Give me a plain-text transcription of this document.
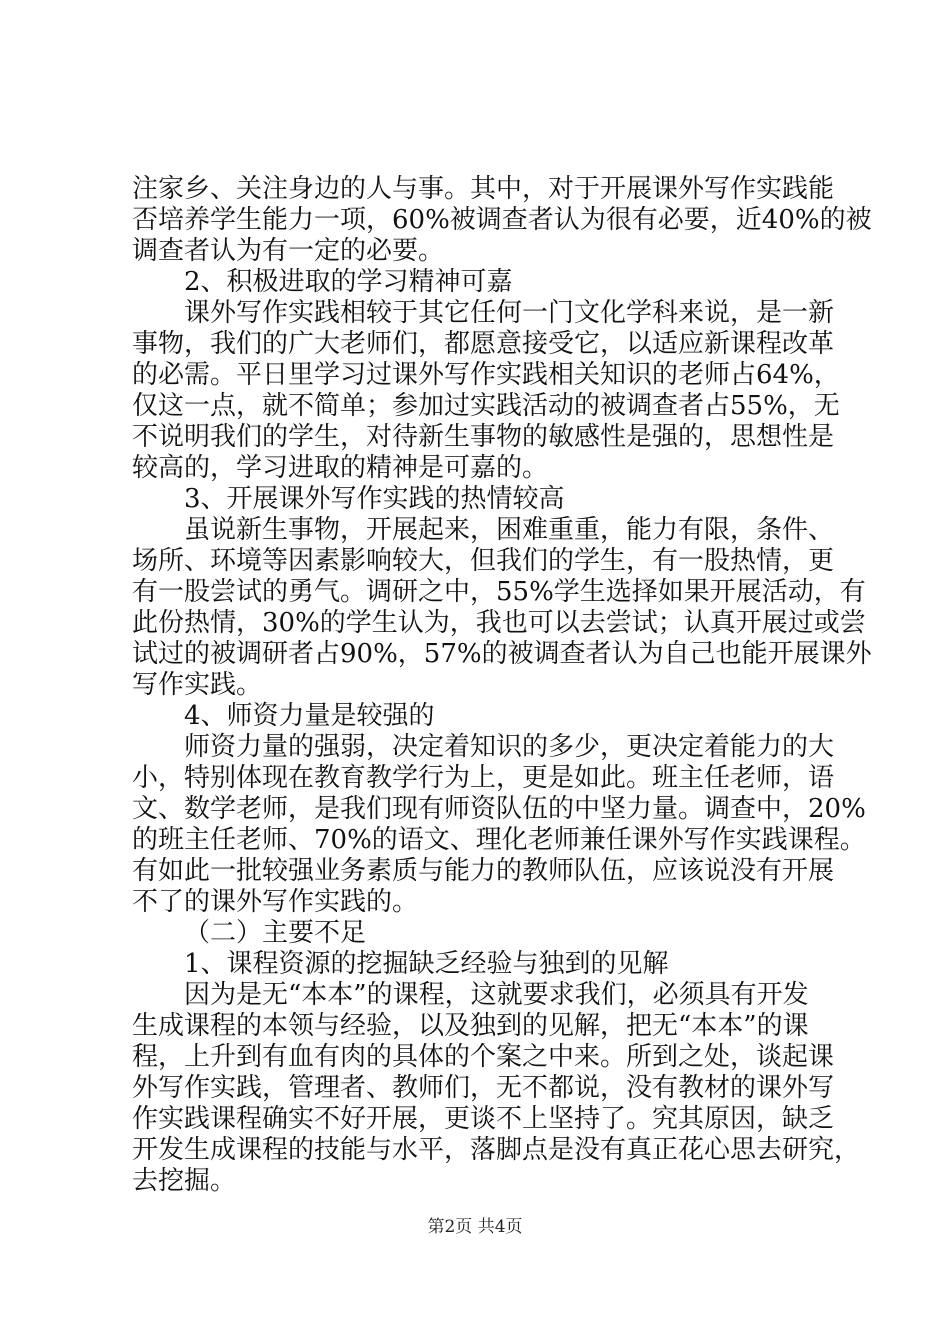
注家乡、关注身边的人与事。其中，对于开展课外写作实践能
否培养学生能力一项，60%被调查者认为很有必要，近40%的被
调查者认为有一定的必要。
2、积极进取的学习精神可嘉
课外写作实践相较于其它任何一门文化学科来说，是一新
事物，我们的广大老师们，都愿意接受它，以适应新课程改革
的必需。平日里学习过课外写作实践相关知识的老师占64%，
仅这一点，就不简单；参加过实践活动的被调查者占55%，无
不说明我们的学生，对待新生事物的敏感性是强的，思想性是
较高的，学习进取的精神是可嘉的。
3、开展课外写作实践的热情较高
虽说新生事物，开展起来，困难重重，能力有限，条件、
场所、环境等因素影响较大，但我们的学生，有一股热情，更
有一股尝试的勇气。调研之中，55%学生选择如果开展活动，有
此份热情，30%的学生认为，我也可以去尝试；认真开展过或尝
试过的被调研者占90%，57%的被调查者认为自己也能开展课外
写作实践。
4、师资力量是较强的
师资力量的强弱，决定着知识的多少，更决定着能力的大
小，特别体现在教育教学行为上，更是如此。班主任老师，语
文、数学老师，是我们现有师资队伍的中坚力量。调查中，20%
的班主任老师、70%的语文、理化老师兼任课外写作实践课程。
有如此一批较强业务素质与能力的教师队伍，应该说没有开展
不了的课外写作实践的。
（二）主要不足
1、课程资源的挖掘缺乏经验与独到的见解
因为是无“本本”的课程，这就要求我们，必须具有开发
生成课程的本领与经验，以及独到的见解，把无“本本”的课
程，上升到有血有肉的具体的个案之中来。所到之处，谈起课
外写作实践，管理者、教师们，无不都说，没有教材的课外写
作实践课程确实不好开展，更谈不上坚持了。究其原因，缺乏
开发生成课程的技能与水平，落脚点是没有真正花心思去研究，
去挖掘。
第2页 共4页
